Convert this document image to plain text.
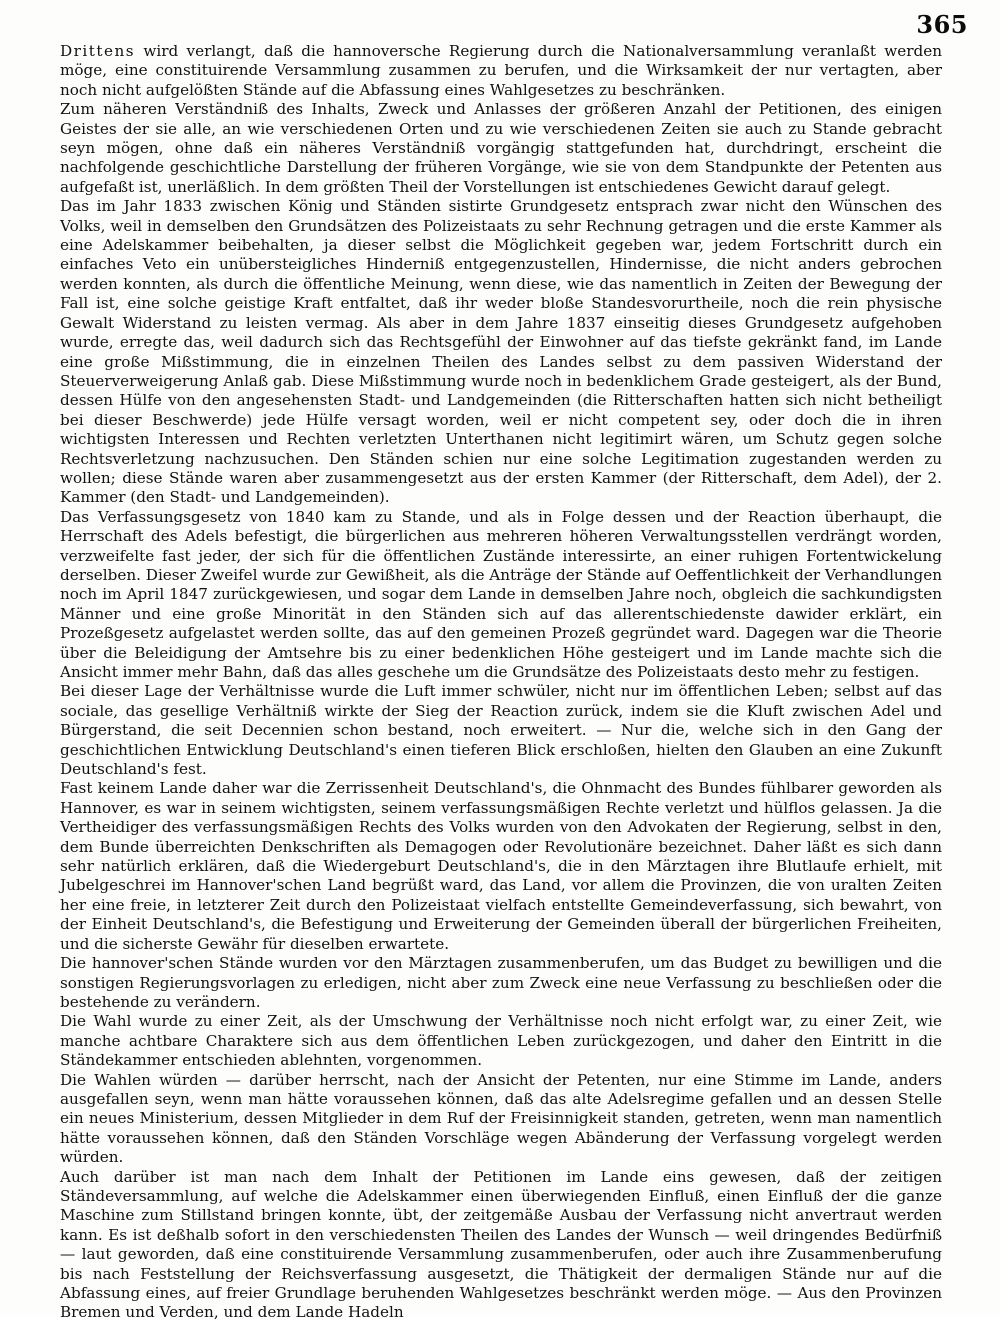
365

Drittens wird verlangt, daß die hannoversche Regierung durch die Nationalversammlung veranlaßt werden möge, eine constituirende Versammlung zusammen zu berufen, und die Wirksamkeit der nur vertagten, aber noch nicht aufgelößten Stände auf die Abfassung eines Wahlgesetzes zu beschränken.

Zum näheren Verständniß des Inhalts, Zweck und Anlasses der größeren Anzahl der Petitionen, des einigen Geistes der sie alle, an wie verschiedenen Orten und zu wie verschiedenen Zeiten sie auch zu Stande gebracht seyn mögen, ohne daß ein näheres Verständniß vorgängig stattgefunden hat, durchdringt, erscheint die nachfolgende geschichtliche Darstellung der früheren Vorgänge, wie sie von dem Standpunkte der Petenten aus aufgefaßt ist, unerläßlich. In dem größten Theil der Vorstellungen ist entschiedenes Gewicht darauf gelegt.

Das im Jahr 1833 zwischen König und Ständen sistirte Grundgesetz entsprach zwar nicht den Wünschen des Volks, weil in demselben den Grundsätzen des Polizeistaats zu sehr Rechnung getragen und die erste Kammer als eine Adelskammer beibehalten, ja dieser selbst die Möglichkeit gegeben war, jedem Fortschritt durch ein einfaches Veto ein unübersteigliches Hinderniß entgegenzustellen, Hindernisse, die nicht anders gebrochen werden konnten, als durch die öffentliche Meinung, wenn diese, wie das namentlich in Zeiten der Bewegung der Fall ist, eine solche geistige Kraft entfaltet, daß ihr weder bloße Standesvorurtheile, noch die rein physische Gewalt Widerstand zu leisten vermag. Als aber in dem Jahre 1837 einseitig dieses Grundgesetz aufgehoben wurde, erregte das, weil dadurch sich das Rechtsgefühl der Einwohner auf das tiefste gekränkt fand, im Lande eine große Mißstimmung, die in einzelnen Theilen des Landes selbst zu dem passiven Widerstand der Steuerverweigerung Anlaß gab. Diese Mißstimmung wurde noch in bedenklichem Grade gesteigert, als der Bund, dessen Hülfe von den angesehensten Stadt- und Landgemeinden (die Ritterschaften hatten sich nicht betheiligt bei dieser Beschwerde) jede Hülfe versagt worden, weil er nicht competent sey, oder doch die in ihren wichtigsten Interessen und Rechten verletzten Unterthanen nicht legitimirt wären, um Schutz gegen solche Rechtsverletzung nachzusuchen. Den Ständen schien nur eine solche Legitimation zugestanden werden zu wollen; diese Stände waren aber zusammengesetzt aus der ersten Kammer (der Ritterschaft, dem Adel), der 2. Kammer (den Stadt- und Landgemeinden).

Das Verfassungsgesetz von 1840 kam zu Stande, und als in Folge dessen und der Reaction überhaupt, die Herrschaft des Adels befestigt, die bürgerlichen aus mehreren höheren Verwaltungsstellen verdrängt worden, verzweifelte fast jeder, der sich für die öffentlichen Zustände interessirte, an einer ruhigen Fortentwickelung derselben. Dieser Zweifel wurde zur Gewißheit, als die Anträge der Stände auf Oeffentlichkeit der Verhandlungen noch im April 1847 zurückgewiesen, und sogar dem Lande in demselben Jahre noch, obgleich die sachkundigsten Männer und eine große Minorität in den Ständen sich auf das allerentschiedenste dawider erklärt, ein Prozeßgesetz aufgelastet werden sollte, das auf den gemeinen Prozeß gegründet ward. Dagegen war die Theorie über die Beleidigung der Amtsehre bis zu einer bedenklichen Höhe gesteigert und im Lande machte sich die Ansicht immer mehr Bahn, daß das alles geschehe um die Grundsätze des Polizeistaats desto mehr zu festigen.

Bei dieser Lage der Verhältnisse wurde die Luft immer schwüler, nicht nur im öffentlichen Leben; selbst auf das sociale, das gesellige Verhältniß wirkte der Sieg der Reaction zurück, indem sie die Kluft zwischen Adel und Bürgerstand, die seit Decennien schon bestand, noch erweitert. — Nur die, welche sich in den Gang der geschichtlichen Entwicklung Deutschland's einen tieferen Blick erschloßen, hielten den Glauben an eine Zukunft Deutschland's fest.

Fast keinem Lande daher war die Zerrissenheit Deutschland's, die Ohnmacht des Bundes fühlbarer geworden als Hannover, es war in seinem wichtigsten, seinem verfassungsmäßigen Rechte verletzt und hülflos gelassen. Ja die Vertheidiger des verfassungsmäßigen Rechts des Volks wurden von den Advokaten der Regierung, selbst in den, dem Bunde überreichten Denkschriften als Demagogen oder Revolutionäre bezeichnet. Daher läßt es sich dann sehr natürlich erklären, daß die Wiedergeburt Deutschland's, die in den Märztagen ihre Blutlaufe erhielt, mit Jubelgeschrei im Hannover'schen Land begrüßt ward, das Land, vor allem die Provinzen, die von uralten Zeiten her eine freie, in letzterer Zeit durch den Polizeistaat vielfach entstellte Gemeindeverfassung, sich bewahrt, von der Einheit Deutschland's, die Befestigung und Erweiterung der Gemeinden überall der bürgerlichen Freiheiten, und die sicherste Gewähr für dieselben erwartete.

Die hannover'schen Stände wurden vor den Märztagen zusammenberufen, um das Budget zu bewilligen und die sonstigen Regierungsvorlagen zu erledigen, nicht aber zum Zweck eine neue Verfassung zu beschließen oder die bestehende zu verändern.

Die Wahl wurde zu einer Zeit, als der Umschwung der Verhältnisse noch nicht erfolgt war, zu einer Zeit, wie manche achtbare Charaktere sich aus dem öffentlichen Leben zurückgezogen, und daher den Eintritt in die Ständekammer entschieden ablehnten, vorgenommen.

Die Wahlen würden — darüber herrscht, nach der Ansicht der Petenten, nur eine Stimme im Lande, anders ausgefallen seyn, wenn man hätte voraussehen können, daß das alte Adelsregime gefallen und an dessen Stelle ein neues Ministerium, dessen Mitglieder in dem Ruf der Freisinnigkeit standen, getreten, wenn man namentlich hätte voraussehen können, daß den Ständen Vorschläge wegen Abänderung der Verfassung vorgelegt werden würden.

Auch darüber ist man nach dem Inhalt der Petitionen im Lande eins gewesen, daß der zeitigen Ständeversammlung, auf welche die Adelskammer einen überwiegenden Einfluß, einen Einfluß der die ganze Maschine zum Stillstand bringen konnte, übt, der zeitgemäße Ausbau der Verfassung nicht anvertraut werden kann. Es ist deßhalb sofort in den verschiedensten Theilen des Landes der Wunsch — weil dringendes Bedürfniß — laut geworden, daß eine constituirende Versammlung zusammenberufen, oder auch ihre Zusammenberufung bis nach Feststellung der Reichsverfassung ausgesetzt, die Thätigkeit der dermaligen Stände nur auf die Abfassung eines, auf freier Grundlage beruhenden Wahlgesetzes beschränkt werden möge. — Aus den Provinzen Bremen und Verden, und dem Lande Hadeln
